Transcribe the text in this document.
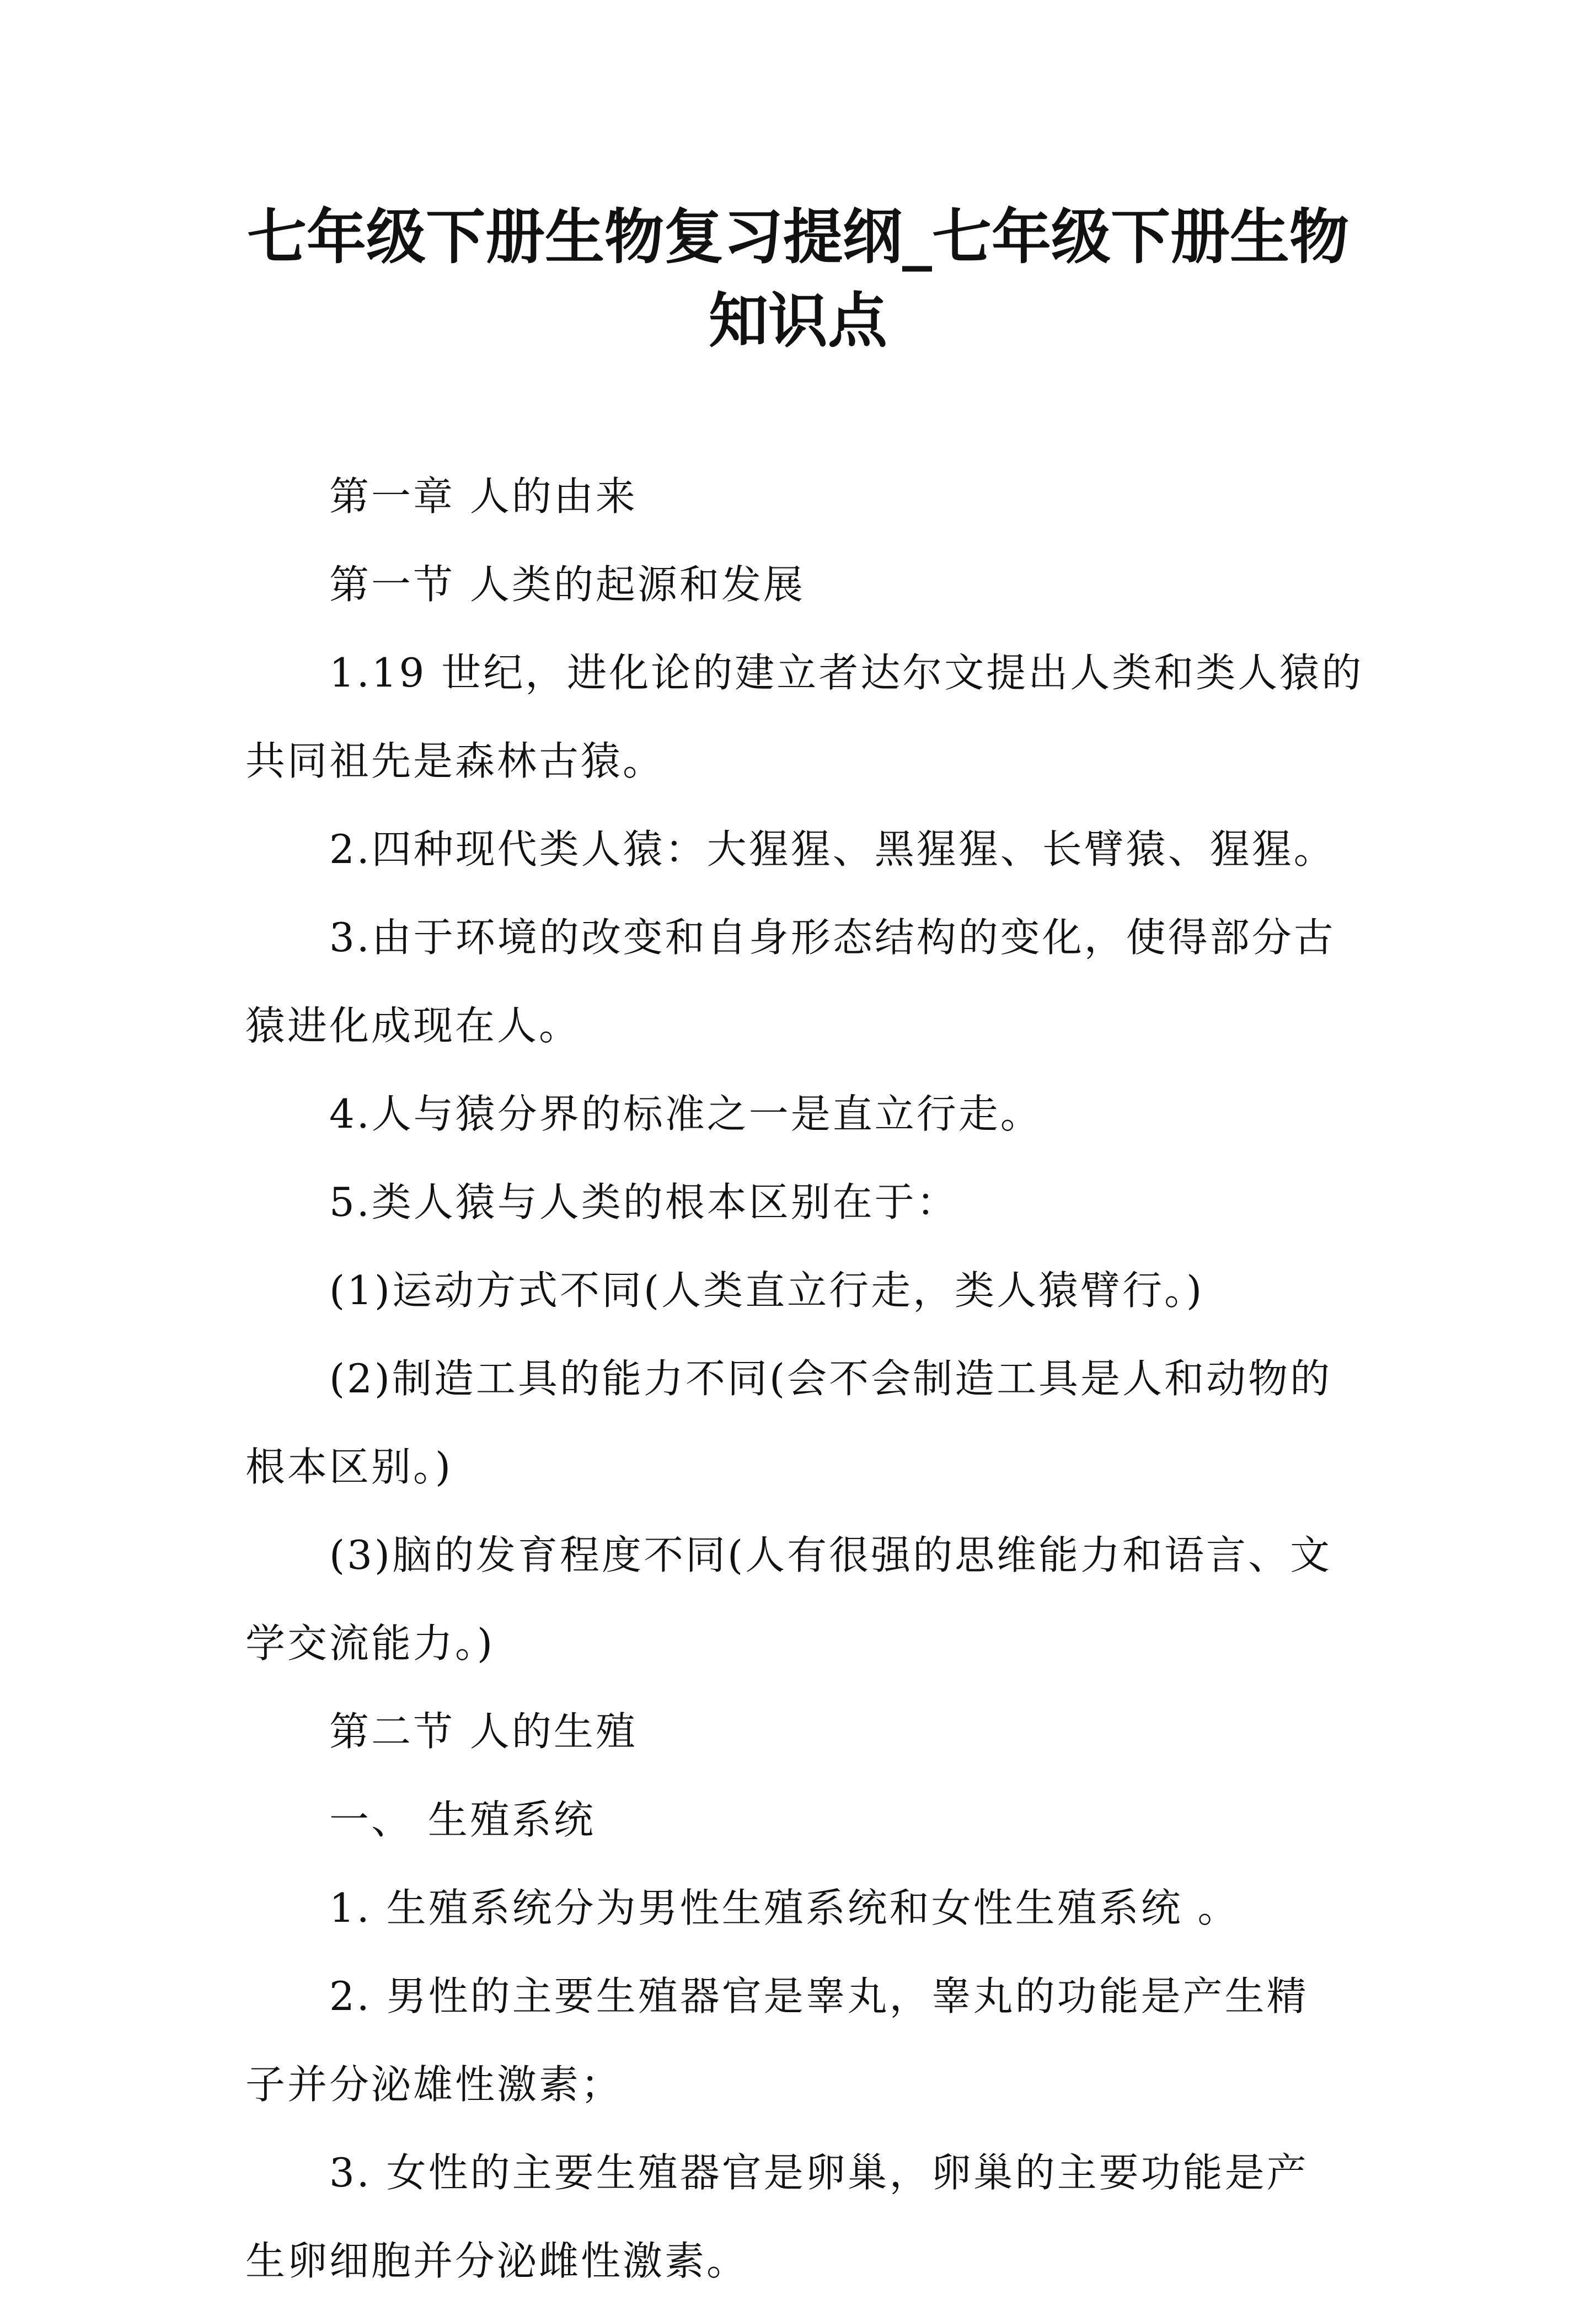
七年级下册生物复习提纲_七年级下册生物
知识点

第一章 人的由来

第一节 人类的起源和发展

1.19 世纪，进化论的建立者达尔文提出人类和类人猿的

共同祖先是森林古猿。

2.四种现代类人猿：大猩猩、黑猩猩、长臂猿、猩猩。

3.由于环境的改变和自身形态结构的变化，使得部分古

猿进化成现在人。

4.人与猿分界的标准之一是直立行走。

5.类人猿与人类的根本区别在于：

(1)运动方式不同(人类直立行走，类人猿臂行。)

(2)制造工具的能力不同(会不会制造工具是人和动物的

根本区别。)

(3)脑的发育程度不同(人有很强的思维能力和语言、文

学交流能力。)

第二节 人的生殖

一、 生殖系统

1. 生殖系统分为男性生殖系统和女性生殖系统 。

2. 男性的主要生殖器官是睾丸，睾丸的功能是产生精

子并分泌雄性激素；

3. 女性的主要生殖器官是卵巢，卵巢的主要功能是产

生卵细胞并分泌雌性激素。
